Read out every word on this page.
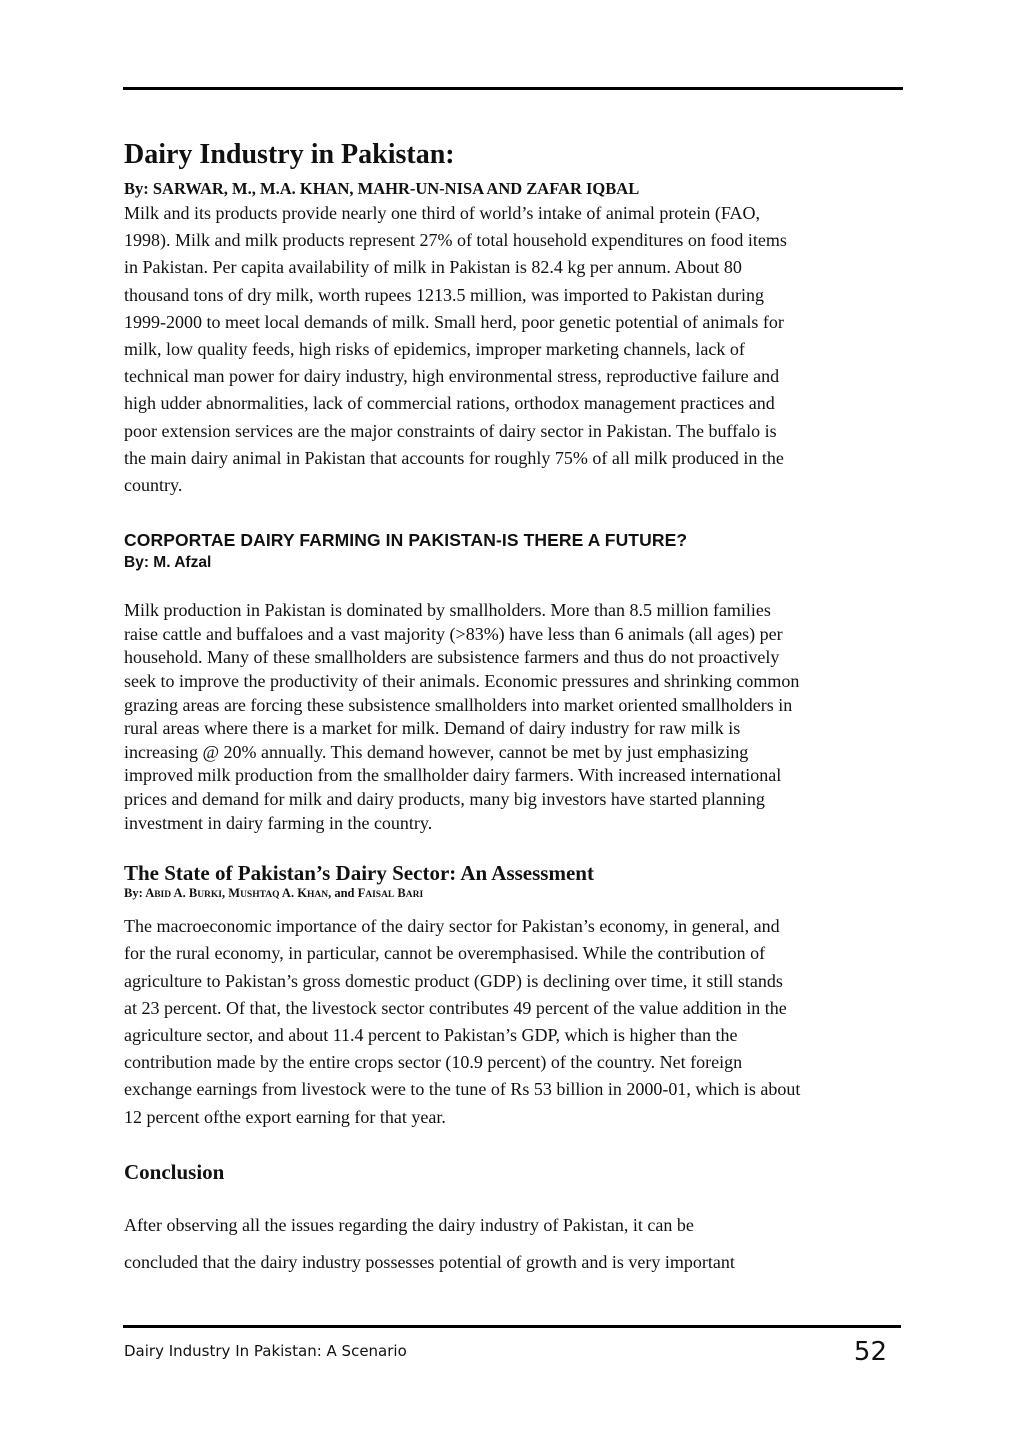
Dairy Industry in Pakistan:
By: SARWAR, M., M.A. KHAN, MAHR-UN-NISA AND ZAFAR IQBAL
Milk and its products provide nearly one third of world’s intake of animal protein (FAO,
1998). Milk and milk products represent 27% of total household expenditures on food items
in Pakistan. Per capita availability of milk in Pakistan is 82.4 kg per annum. About 80
thousand tons of dry milk, worth rupees 1213.5 million, was imported to Pakistan during
1999-2000 to meet local demands of milk. Small herd, poor genetic potential of animals for
milk, low quality feeds, high risks of epidemics, improper marketing channels, lack of
technical man power for dairy industry, high environmental stress, reproductive failure and
high udder abnormalities, lack of commercial rations, orthodox management practices and
poor extension services are the major constraints of dairy sector in Pakistan. The buffalo is
the main dairy animal in Pakistan that accounts for roughly 75% of all milk produced in the
country.
CORPORTAE DAIRY FARMING IN PAKISTAN-IS THERE A FUTURE?
By: M. Afzal
Milk production in Pakistan is dominated by smallholders. More than 8.5 million families
raise cattle and buffaloes and a vast majority (>83%) have less than 6 animals (all ages) per
household. Many of these smallholders are subsistence farmers and thus do not proactively
seek to improve the productivity of their animals. Economic pressures and shrinking common
grazing areas are forcing these subsistence smallholders into market oriented smallholders in
rural areas where there is a market for milk. Demand of dairy industry for raw milk is
increasing @ 20% annually. This demand however, cannot be met by just emphasizing
improved milk production from the smallholder dairy farmers. With increased international
prices and demand for milk and dairy products, many big investors have started planning
investment in dairy farming in the country.
The State of Pakistan’s Dairy Sector: An Assessment
By: ABID A. BURKI, MUSHTAQ A. KHAN, and FAISAL BARI
The macroeconomic importance of the dairy sector for Pakistan’s economy, in general, and
for the rural economy, in particular, cannot be overemphasised. While the contribution of
agriculture to Pakistan’s gross domestic product (GDP) is declining over time, it still stands
at 23 percent. Of that, the livestock sector contributes 49 percent of the value addition in the
agriculture sector, and about 11.4 percent to Pakistan’s GDP, which is higher than the
contribution made by the entire crops sector (10.9 percent) of the country. Net foreign
exchange earnings from livestock were to the tune of Rs 53 billion in 2000-01, which is about
12 percent ofthe export earning for that year.
Conclusion
After observing all the issues regarding the dairy industry of Pakistan, it can be
concluded that the dairy industry possesses potential of growth and is very important
Dairy Industry In Pakistan: A Scenario	52
